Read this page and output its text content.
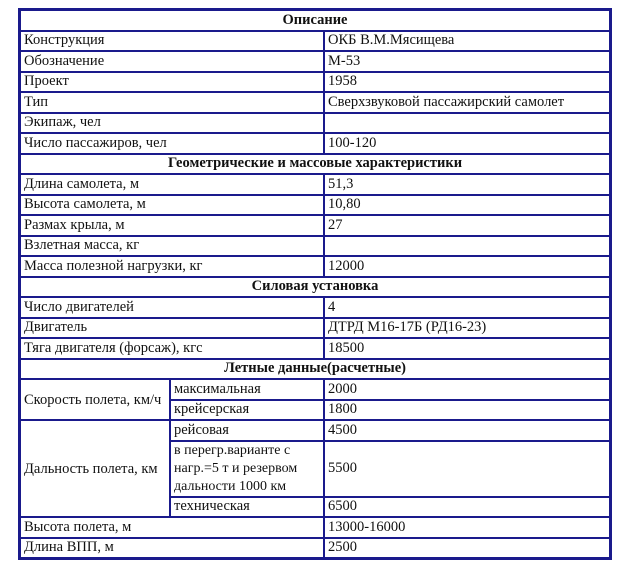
Описание		
Конструкция		ОКБ В.М.Мясищева
Обозначение		М-53
Проект		1958
Тип		Сверхзвуковой пассажирский самолет
Экипаж, чел		
Число пассажиров, чел		100-120
Геометрические и массовые характеристики		
Длина самолета, м		51,3
Высота самолета, м		10,80
Размах крыла, м		27
Взлетная масса, кг		
Масса полезной нагрузки, кг		12000
Силовая установка		
Число двигателей		4
Двигатель		ДТРД М16-17Б (РД16-23)
Тяга двигателя (форсаж), кгс		18500
Летные данные(расчетные)		
Скорость полета, км/ч	максимальная	2000
	крейсерская	1800
Дальность полета, км	рейсовая	4500
	в перегр.варианте с нагр.=5 т и резервом дальности 1000 км	5500
	техническая	6500
Высота полета, м		13000-16000
Длина ВПП, м		2500
